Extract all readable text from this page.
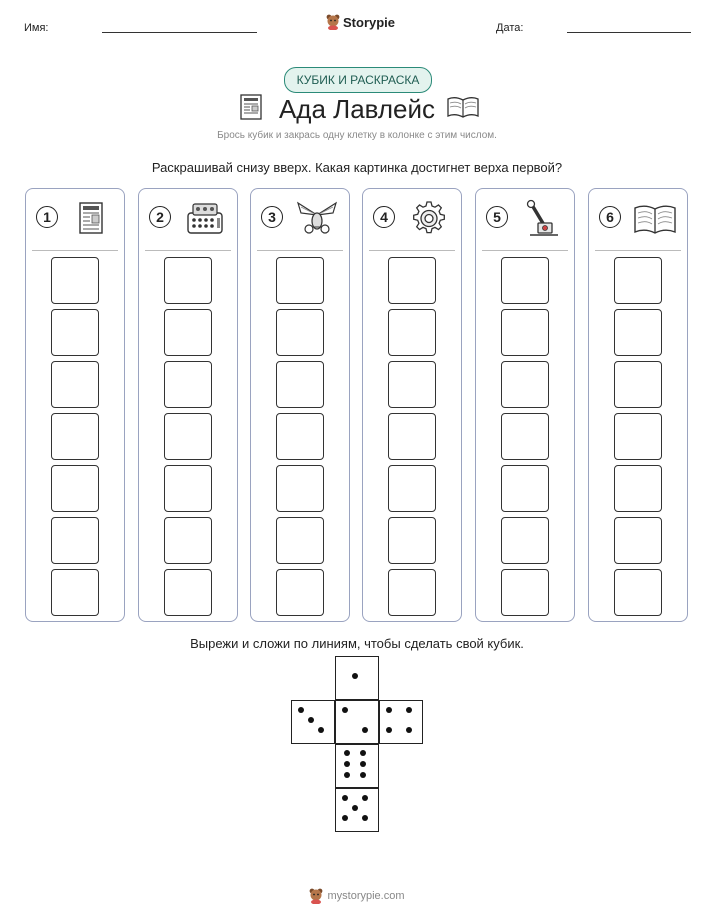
Имя:	Storypie	Дата:
КУБИК И РАСКРАСКА
Ада Лавлейс
Брось кубик и закрась одну клетку в колонке с этим числом.
Раскрашивай снизу вверх. Какая картинка достигнет верха первой?
1	2	3	4	5	6
Вырежи и сложи по линиям, чтобы сделать свой кубик.
mystorypie.com
